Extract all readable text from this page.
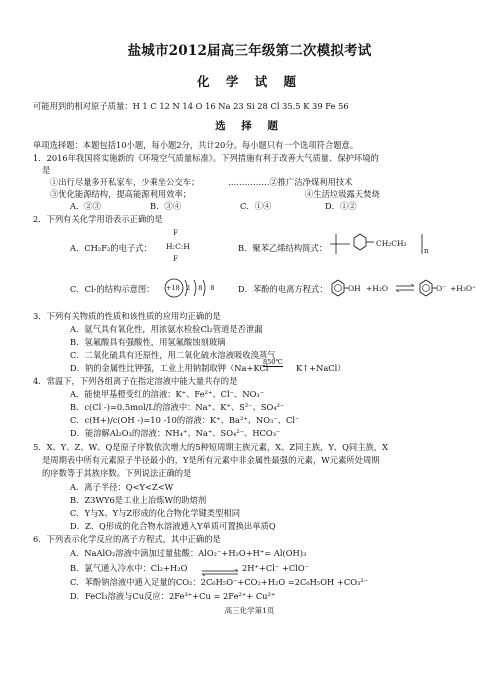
盐城市2012届高三年级第二次模拟考试
化 学 试 题
可能用到的相对原子质量：H 1 C 12 N 14 O 16 Na 23 Si 28 Cl 35.5 K 39 Fe 56
选 择 题
单项选择题：本题包括10小题，每小题2分，共计20分。每小题只有一个选项符合题意。
1．2016年我国将实施新的《环境空气质量标准》。下列措施有利于改善大气质量、保护环境的
是
①出行尽量多开私家车，少乘坐公交车；	……………②推广洁净煤利用技术
③优化能源结构，提高能源利用效率；	④生活垃圾露天焚烧
A．②③	B．③④	C．①④	D．①②
2．下列有关化学用语表示正确的是
A．CH₂F₂的电子式：
F
H:C:H
F
B．聚苯乙烯结构简式：	CH₂CH₂
n
C．Cl-的结构示意图： +18 2 8 8 D．苯酚的电离方程式：	OH +H₂O	O⁻ +H₃O⁺
3．下列有关物质的性质和该性质的应用均正确的是
A．氨气具有氧化性，用浓氨水检验Cl₂管道是否泄漏
B．氢氟酸具有强酸性，用氢氟酸蚀刻玻璃
C．二氧化硫具有还原性，用二氧化硫水溶液吸收溴蒸气
D．钠的金属性比钾强，工业上用钠制取钾（Na+KCl
850℃
K↑+NaCl）
4．常温下，下列各组离子在指定溶液中能大量共存的是
A．能使甲基橙变红的溶液：K⁺、Fe²⁺、Cl⁻、NO₃⁻
B．c(Cl -)=0.5mol/L的溶液中：Na⁺、K⁺、S²⁻、SO₄²⁻
C．c(H+)/c(OH -)=10 -10的溶液：K⁺、Ba²⁺、NO₃⁻、Cl⁻
D．能溶解Al₂O₃的溶液：NH₄⁺、Na⁺、SO₄²⁻、HCO₃⁻
5．X、Y、Z、W、Q是原子序数依次增大的5种短周期主族元素，X、Z同主族，Y、Q同主族，X
是周期表中所有元素原子半径最小的，Y是所有元素中非金属性最强的元素，W元素所处周期
的序数等于其族序数。下列说法正确的是
A．离子半径：Q<Y<Z<W
B．Z3WY6是工业上冶炼W的助熔剂
C．Y与X、Y与Z形成的化合物化学键类型相同
D．Z、Q形成的化合物水溶液通入Y单质可置换出单质Q
6．下列表示化学反应的离子方程式，其中正确的是
A．NaAlO₂溶液中滴加过量盐酸：AlO₂⁻+H₂O+H⁺= Al(OH)₃
B．氯气通入冷水中：Cl₂+H₂O ⇌ 2H⁺+Cl⁻ +ClO⁻
C．苯酚钠溶液中通入足量的CO₂：2C₆H₅O⁻+CO₂+H₂O =2C₆H₅OH +CO₃²⁻
D．FeCl₃溶液与Cu反应：2Fe³⁺+Cu = 2Fe²⁺+ Cu²⁺
高三化学第1页
